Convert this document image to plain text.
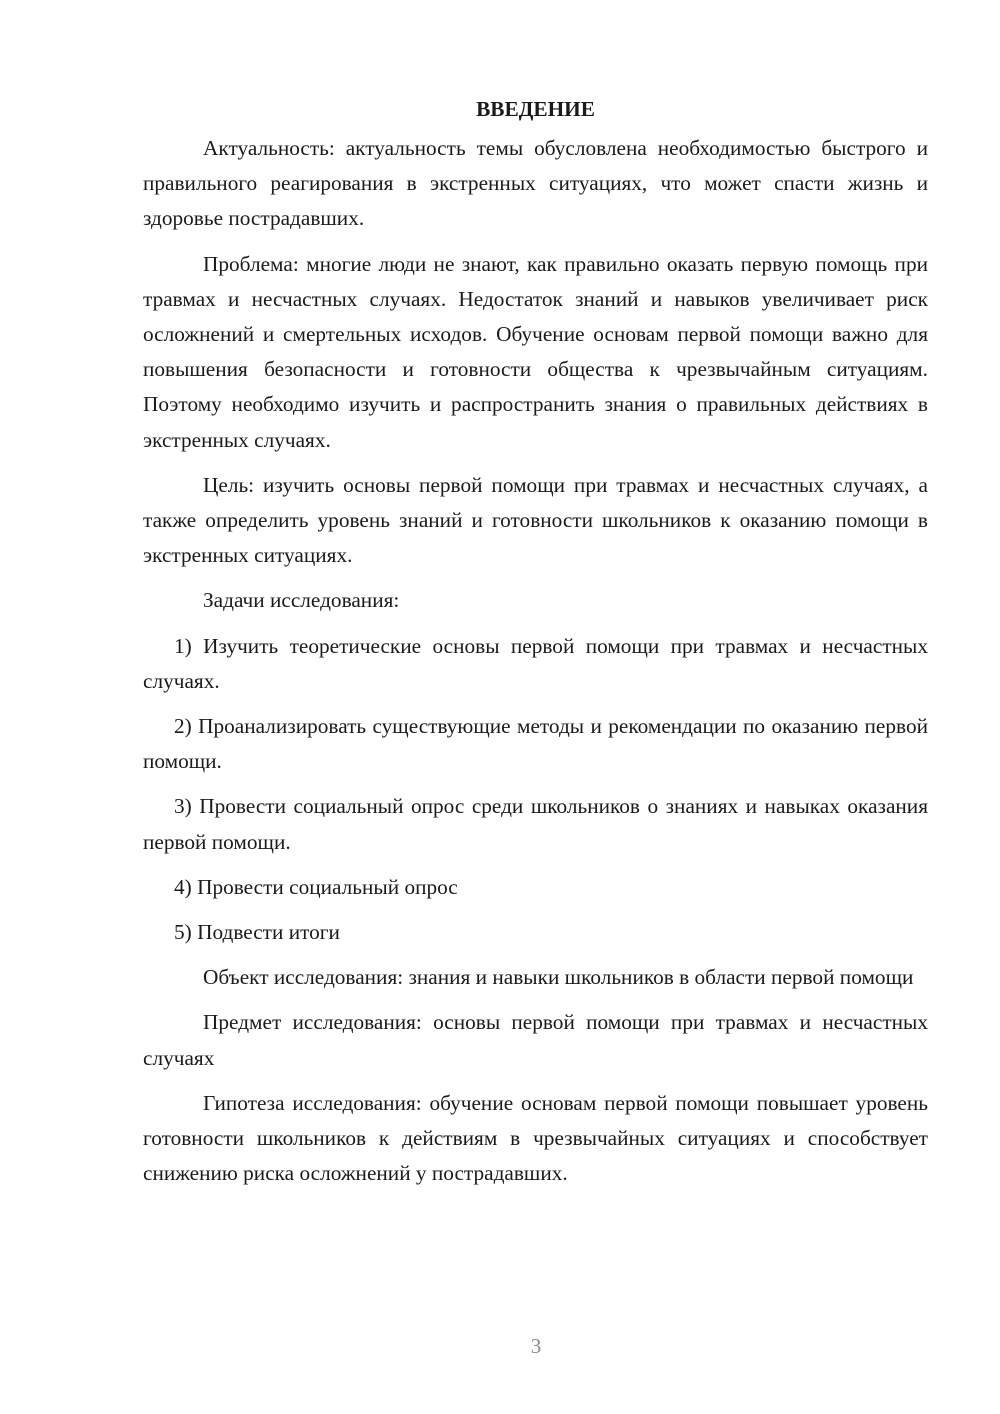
ВВЕДЕНИЕ

Актуальность: актуальность темы обусловлена необходимостью быстрого и правильного реагирования в экстренных ситуациях, что может спасти жизнь и здоровье пострадавших.

Проблема: многие люди не знают, как правильно оказать первую помощь при травмах и несчастных случаях. Недостаток знаний и навыков увеличивает риск осложнений и смертельных исходов. Обучение основам первой помощи важно для повышения безопасности и готовности общества к чрезвычайным ситуациям. Поэтому необходимо изучить и распространить знания о правильных действиях в экстренных случаях.

Цель: изучить основы первой помощи при травмах и несчастных случаях, а также определить уровень знаний и готовности школьников к оказанию помощи в экстренных ситуациях.

Задачи исследования:

1) Изучить теоретические основы первой помощи при травмах и несчастных случаях.

2) Проанализировать существующие методы и рекомендации по оказанию первой помощи.

3) Провести социальный опрос среди школьников о знаниях и навыках оказания первой помощи.

4) Провести социальный опрос

5) Подвести итоги

Объект исследования: знания и навыки школьников в области первой помощи

Предмет исследования: основы первой помощи при травмах и несчастных случаях

Гипотеза исследования: обучение основам первой помощи повышает уровень готовности школьников к действиям в чрезвычайных ситуациях и способствует снижению риска осложнений у пострадавших.

3
